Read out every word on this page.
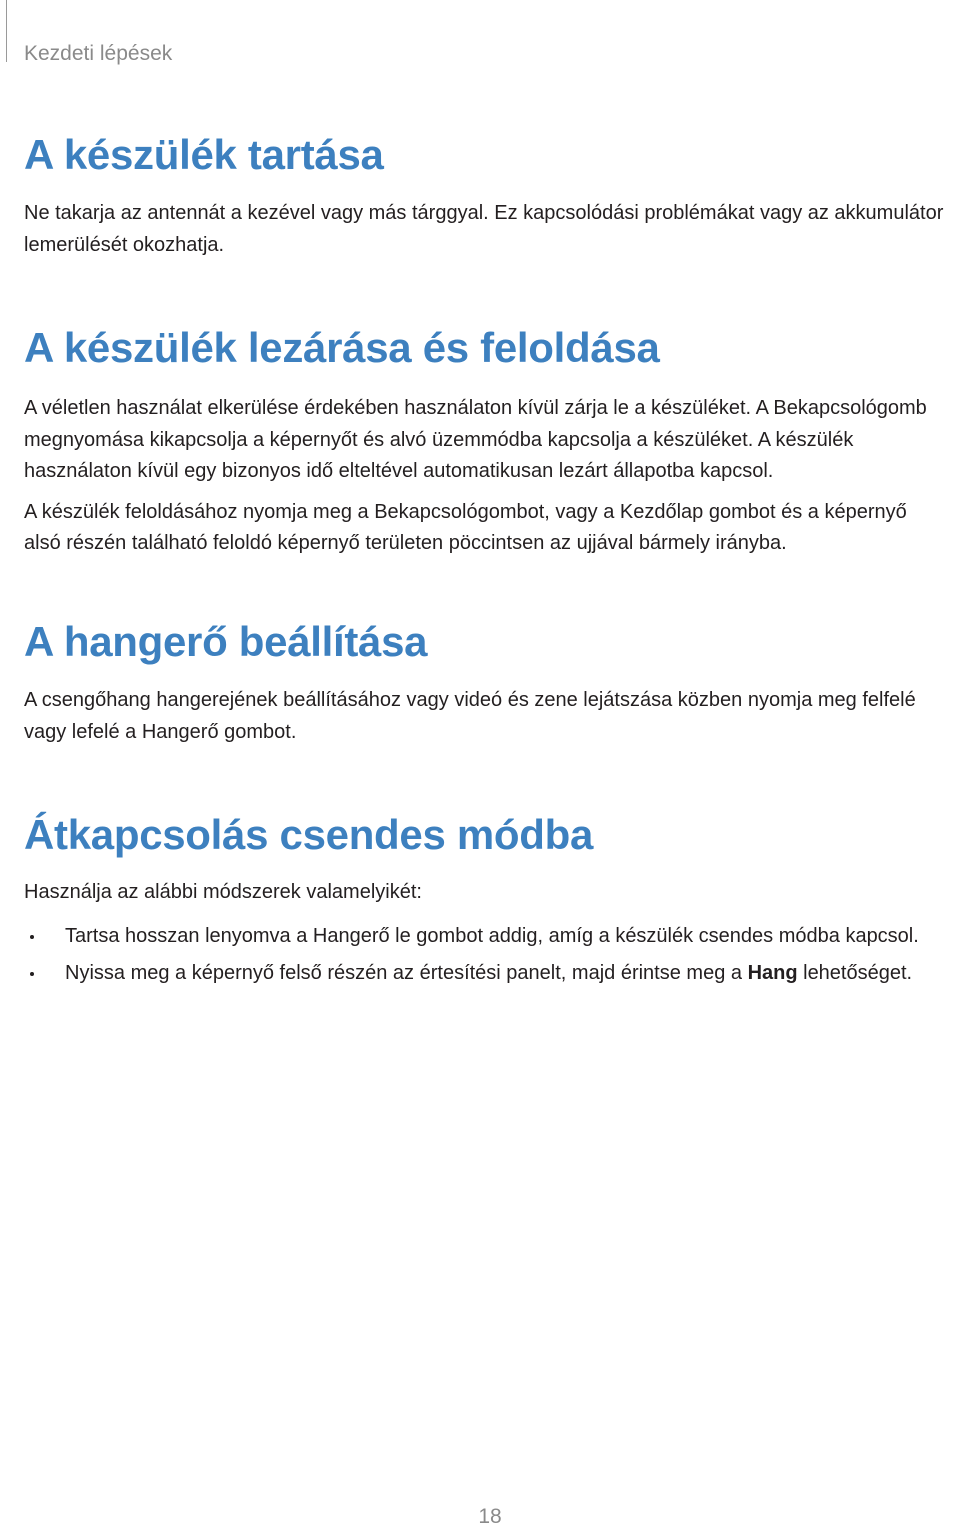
Kezdeti lépések
A készülék tartása

Ne takarja az antennát a kezével vagy más tárggyal. Ez kapcsolódási problémákat vagy az akkumulátor lemerülését okozhatja.

A készülék lezárása és feloldása

A véletlen használat elkerülése érdekében használaton kívül zárja le a készüléket. A Bekapcsológomb megnyomása kikapcsolja a képernyőt és alvó üzemmódba kapcsolja a készüléket. A készülék használaton kívül egy bizonyos idő elteltével automatikusan lezárt állapotba kapcsol.

A készülék feloldásához nyomja meg a Bekapcsológombot, vagy a Kezdőlap gombot és a képernyő alsó részén található feloldó képernyő területen pöccintsen az ujjával bármely irányba.

A hangerő beállítása

A csengőhang hangerejének beállításához vagy videó és zene lejátszása közben nyomja meg felfelé vagy lefelé a Hangerő gombot.

Átkapcsolás csendes módba

Használja az alábbi módszerek valamelyikét:

Tartsa hosszan lenyomva a Hangerő le gombot addig, amíg a készülék csendes módba kapcsol.
Nyissa meg a képernyő felső részén az értesítési panelt, majd érintse meg a Hang lehetőséget.
18
